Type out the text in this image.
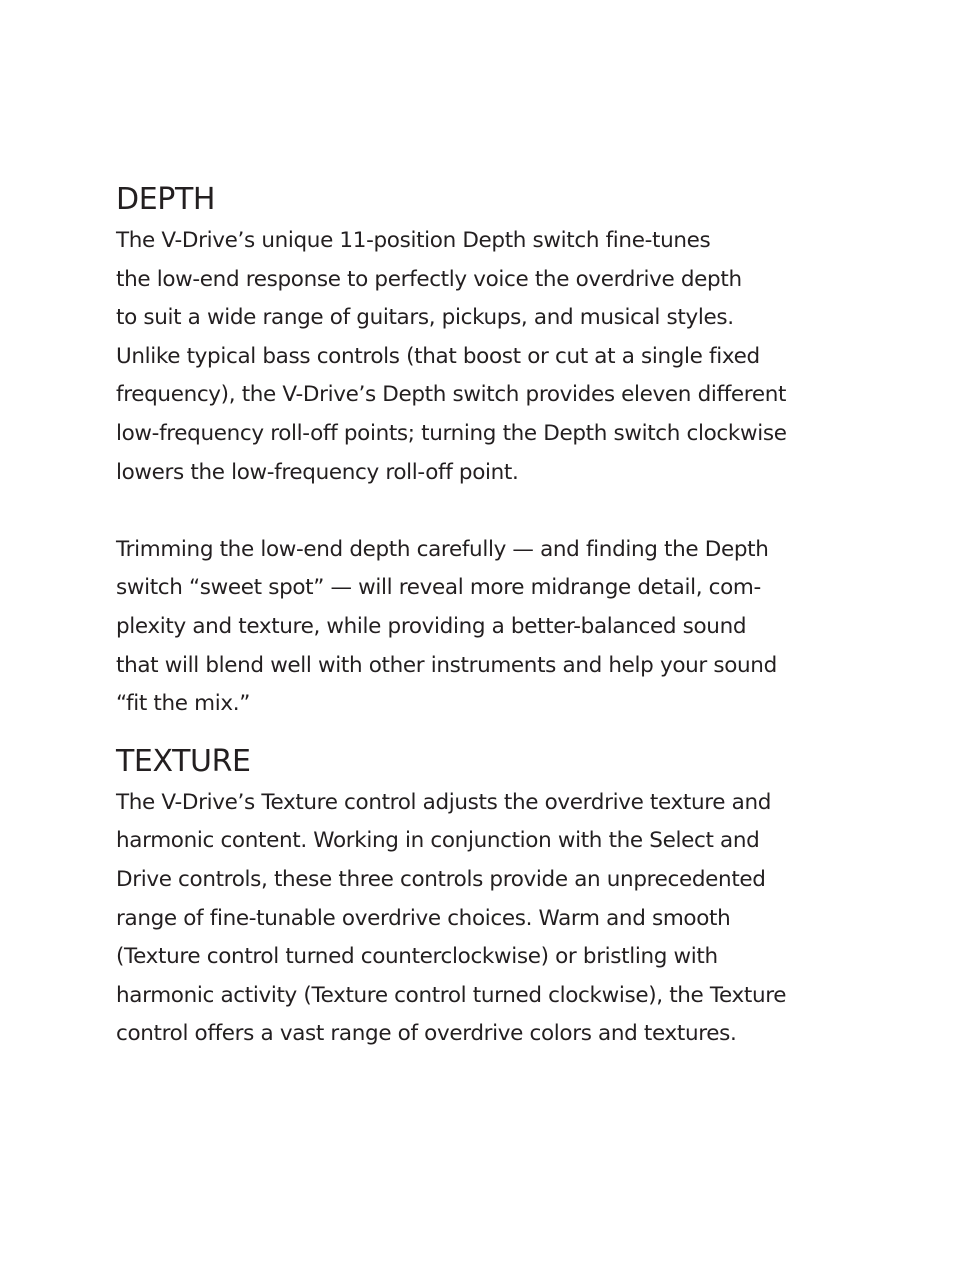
DEPTH

The V-Drive’s unique 11-position Depth switch fine-tunes
the low-end response to perfectly voice the overdrive depth
to suit a wide range of guitars, pickups, and musical styles.
Unlike typical bass controls (that boost or cut at a single fixed
frequency), the V-Drive’s Depth switch provides eleven different
low-frequency roll-off points; turning the Depth switch clockwise
lowers the low-frequency roll-off point.

Trimming the low-end depth carefully — and finding the Depth
switch “sweet spot” — will reveal more midrange detail, com-
plexity and texture, while providing a better-balanced sound
that will blend well with other instruments and help your sound
“fit the mix.”

TEXTURE

The V-Drive’s Texture control adjusts the overdrive texture and
harmonic content. Working in conjunction with the Select and
Drive controls, these three controls provide an unprecedented
range of fine-tunable overdrive choices. Warm and smooth
(Texture control turned counterclockwise) or bristling with
harmonic activity (Texture control turned clockwise), the Texture
control offers a vast range of overdrive colors and textures.
